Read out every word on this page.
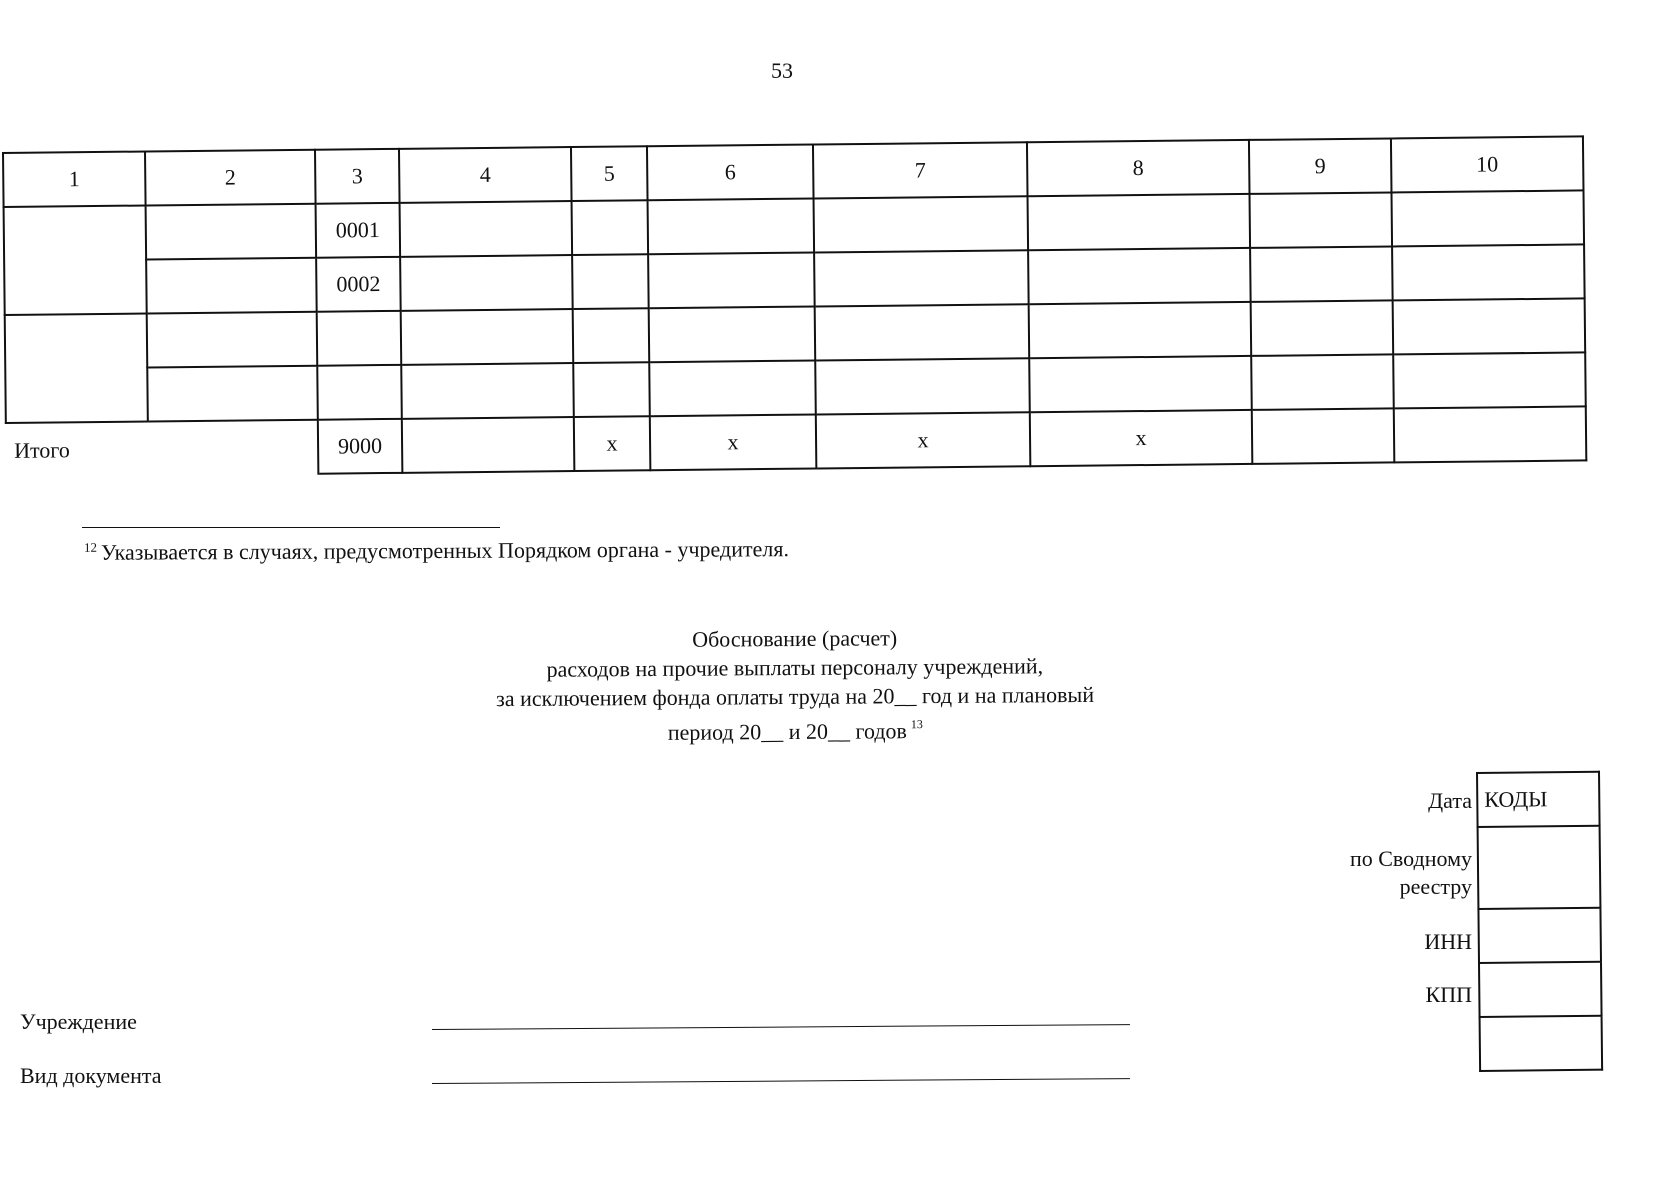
53
1	2	3	4	5	6	7	8	9	10
		0001							
		0002							

Итого		9000		x	x	x	x		
$^{12}$ Указывается в случаях, предусмотренных Порядком органа - учредителя.
Обоснование (расчет)
расходов на прочие выплаты персоналу учреждений,
за исключением фонда оплаты труда на 20__ год и на плановый
период 20__ и 20__ годов $^{13}$
Дата
по Сводному
реестру
ИНН
КПП
КОДЫ

Учреждение
Вид документа
